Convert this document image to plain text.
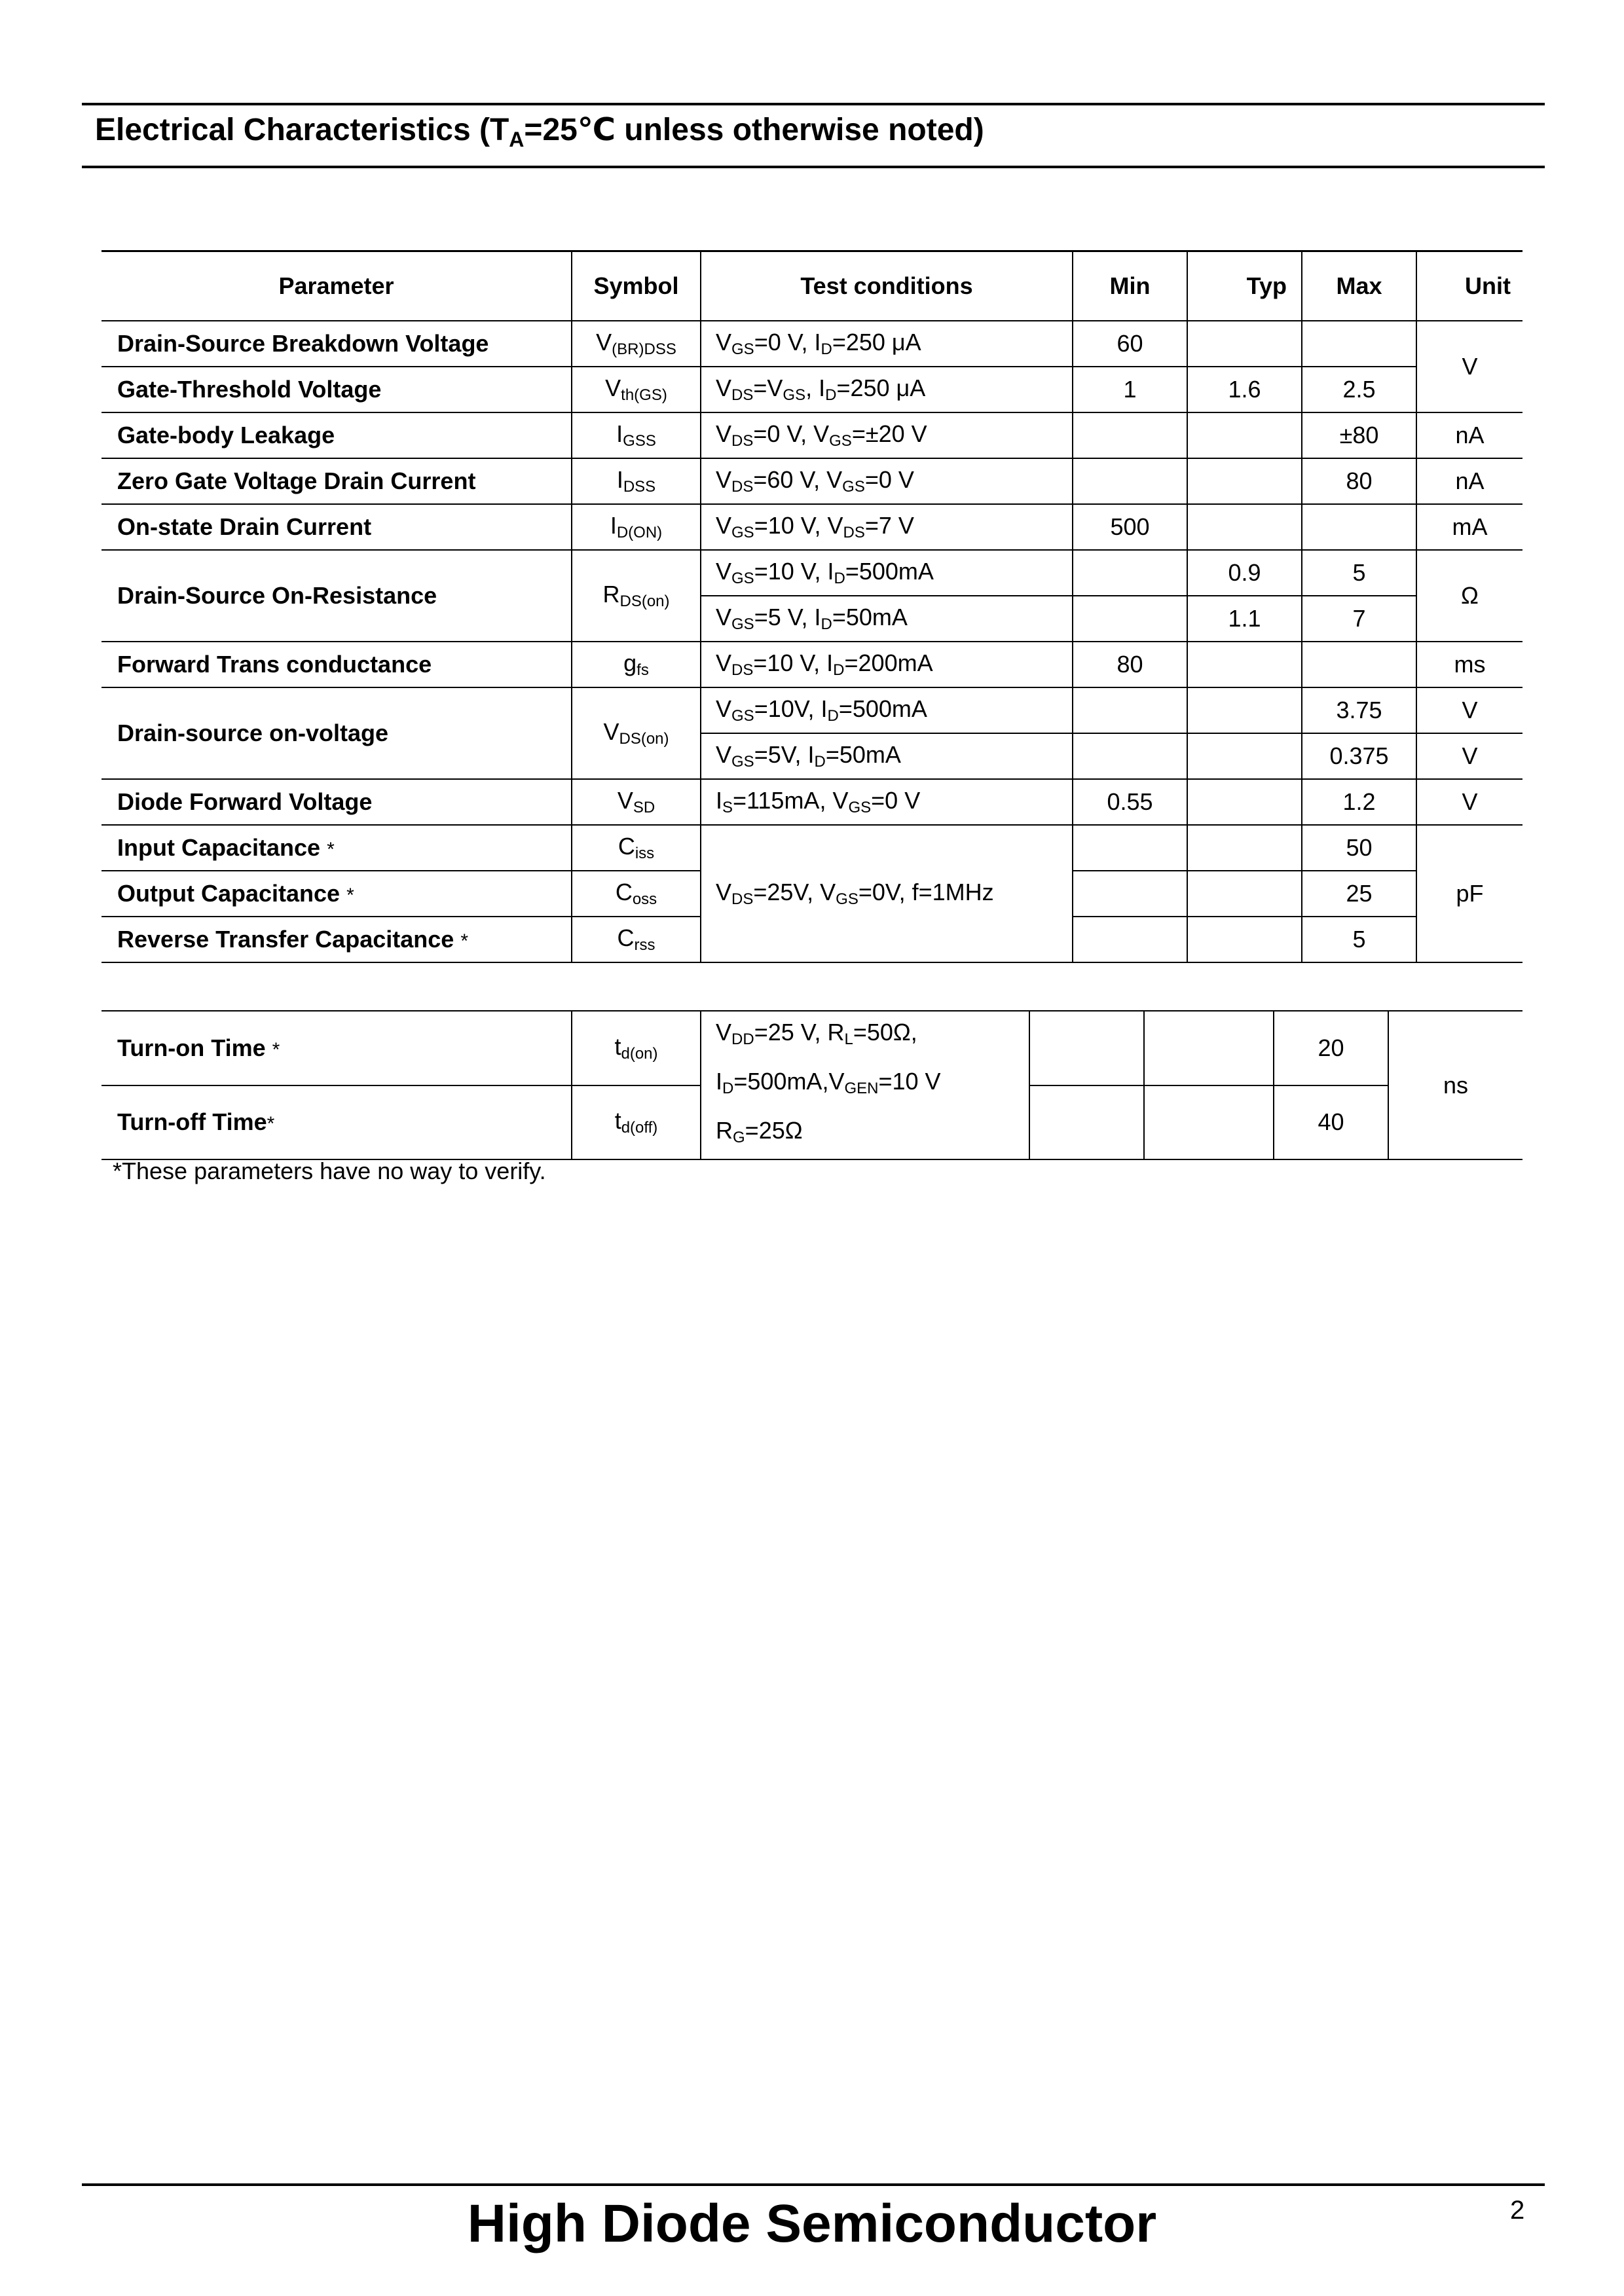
Electrical Characteristics ($T_A=25℃$ unless otherwise noted)
Parameter	Symbol	Test conditions	Min	Typ	Max	Unit
Drain-Source Breakdown Voltage	$V_{(BR)DSS}$	$V_{GS}=0$ V, $I_D=250$ μA	60			V
Gate-Threshold Voltage	$V_{th(GS)}$	$V_{DS}=V_{GS}$, $I_D=250$ μA	1	1.6	2.5	
Gate-body Leakage	$I_{GSS}$	$V_{DS}=0$ V, $V_{GS}=\pm 20$ V			±80	nA
Zero Gate Voltage Drain Current	$I_{DSS}$	$V_{DS}=60$ V, $V_{GS}=0$ V			80	nA
On-state Drain Current	$I_{D(ON)}$	$V_{GS}=10$ V, $V_{DS}=7$ V	500			mA
Drain-Source On-Resistance	$R_{DS(on)}$	$V_{GS}=10$ V, $I_D=500mA$		0.9	5	Ω
		$V_{GS}=5$ V, $I_D=50mA$		1.1	7	
Forward Trans conductance	$g_{fs}$	$V_{DS}=10$ V, $I_D=200mA$	80			ms
Drain-source on-voltage	$V_{DS(on)}$	$V_{GS}=10V$, $I_D=500mA$			3.75	V
		$V_{GS}=5V$, $I_D=50mA$			0.375	V
Diode Forward Voltage	$V_{SD}$	$I_S=115mA$, $V_{GS}=0$ V	0.55		1.2	V
Input Capacitance *	$C_{iss}$	$V_{DS}=25V$, $V_{GS}=0V$, f=1MHz			50	pF
Output Capacitance *	$C_{oss}$				25	
Reverse Transfer Capacitance *	$C_{rss}$				5	
Turn-on Time *	$t_{d(on)}$	$V_{DD}=25$ V, $R_L=50\Omega$,
$I_D=500mA,V_{GEN}=10$ V
$R_G=25\Omega$			20	ns
Turn-off Time*	$t_{d(off)}$				40	
*These parameters have no way to verify.
High Diode Semiconductor	2
